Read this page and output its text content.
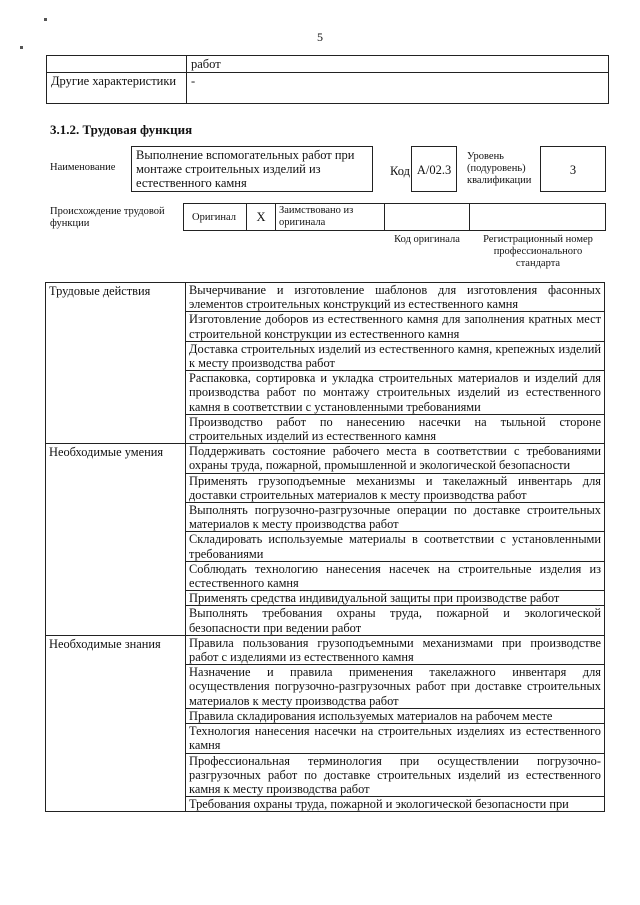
5
	работ
Другие характеристики	-
3.1.2. Трудовая функция
Наименование
Выполнение вспомогательных работ при монтаже строительных изделий из естественного камня
Код А/02.3
Уровень (подуровень) квалификации
3
Происхождение трудовой функции
Оригинал	Х	Заимствовано из оригинала
Код оригинала	Регистрационный номер профессионального стандарта
Трудовые действия	Вычерчивание и изготовление шаблонов для изготовления фасонных элементов строительных конструкций из естественного камня
	Изготовление доборов из естественного камня для заполнения кратных мест строительной конструкции из естественного камня
	Доставка строительных изделий из естественного камня, крепежных изделий к месту производства работ
	Распаковка, сортировка и укладка строительных материалов и изделий для производства работ по монтажу строительных изделий из естественного камня в соответствии с установленными требованиями
	Производство работ по нанесению насечки на тыльной стороне строительных изделий из естественного камня
Необходимые умения	Поддерживать состояние рабочего места в соответствии с требованиями охраны труда, пожарной, промышленной и экологической безопасности
	Применять грузоподъемные механизмы и такелажный инвентарь для доставки строительных материалов к месту производства работ
	Выполнять погрузочно-разгрузочные операции по доставке строительных материалов к месту производства работ
	Складировать используемые материалы в соответствии с установленными требованиями
	Соблюдать технологию нанесения насечек на строительные изделия из естественного камня
	Применять средства индивидуальной защиты при производстве работ
	Выполнять требования охраны труда, пожарной и экологической безопасности при ведении работ
Необходимые знания	Правила пользования грузоподъемными механизмами при производстве работ с изделиями из естественного камня
	Назначение и правила применения такелажного инвентаря для осуществления погрузочно-разгрузочных работ при доставке строительных материалов к месту производства работ
	Правила складирования используемых материалов на рабочем месте
	Технология нанесения насечки на строительных изделиях из естественного камня
	Профессиональная терминология при осуществлении погрузочно-разгрузочных работ по доставке строительных изделий из естественного камня к месту производства работ
	Требования охраны труда, пожарной и экологической безопасности при
